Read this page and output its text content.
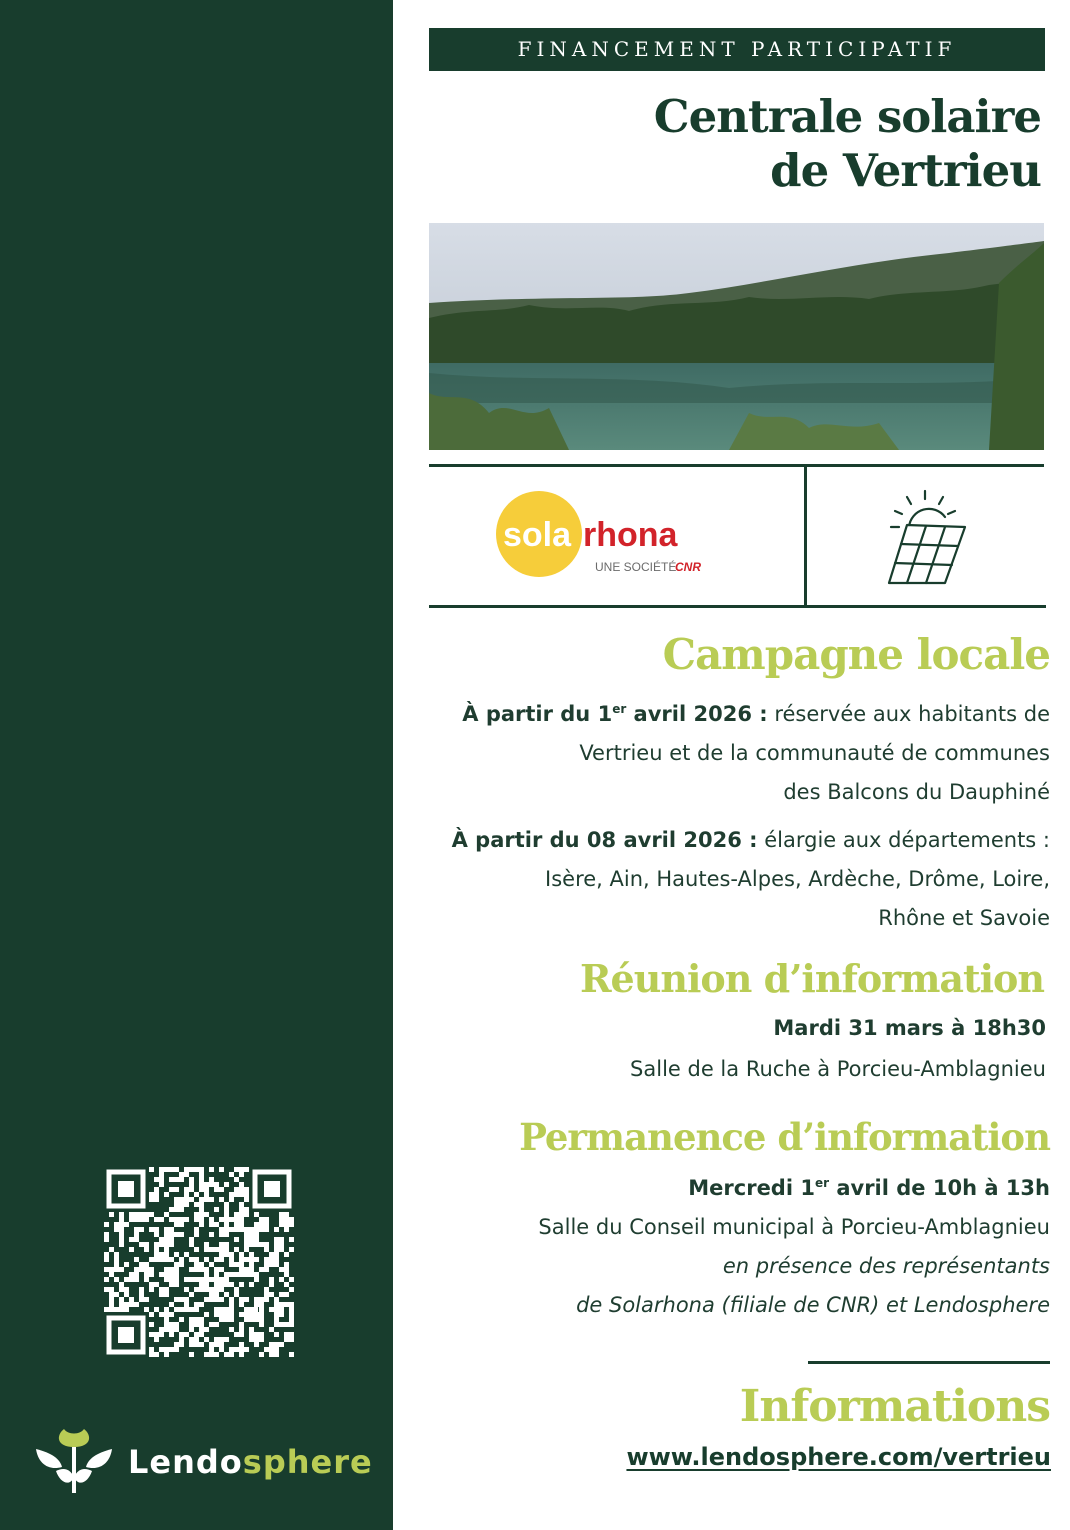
Lendosphere
FINANCEMENT PARTICIPATIF
Centrale solaire
de Vertrieu
sola rhona
UNE SOCIÉTÉ
CNR
Campagne locale
À partir du 1er avril 2026 : réservée aux habitants de
Vertrieu et de la communauté de communes
des Balcons du Dauphiné
À partir du 08 avril 2026 : élargie aux départements :
Isère, Ain, Hautes-Alpes, Ardèche, Drôme, Loire,
Rhône et Savoie
Réunion d’information
Mardi 31 mars à 18h30
Salle de la Ruche à Porcieu-Amblagnieu
Permanence d’information
Mercredi 1er avril de 10h à 13h
Salle du Conseil municipal à Porcieu-Amblagnieu
en présence des représentants
de Solarhona (filiale de CNR) et Lendosphere
Informations
www.lendosphere.com/vertrieu
